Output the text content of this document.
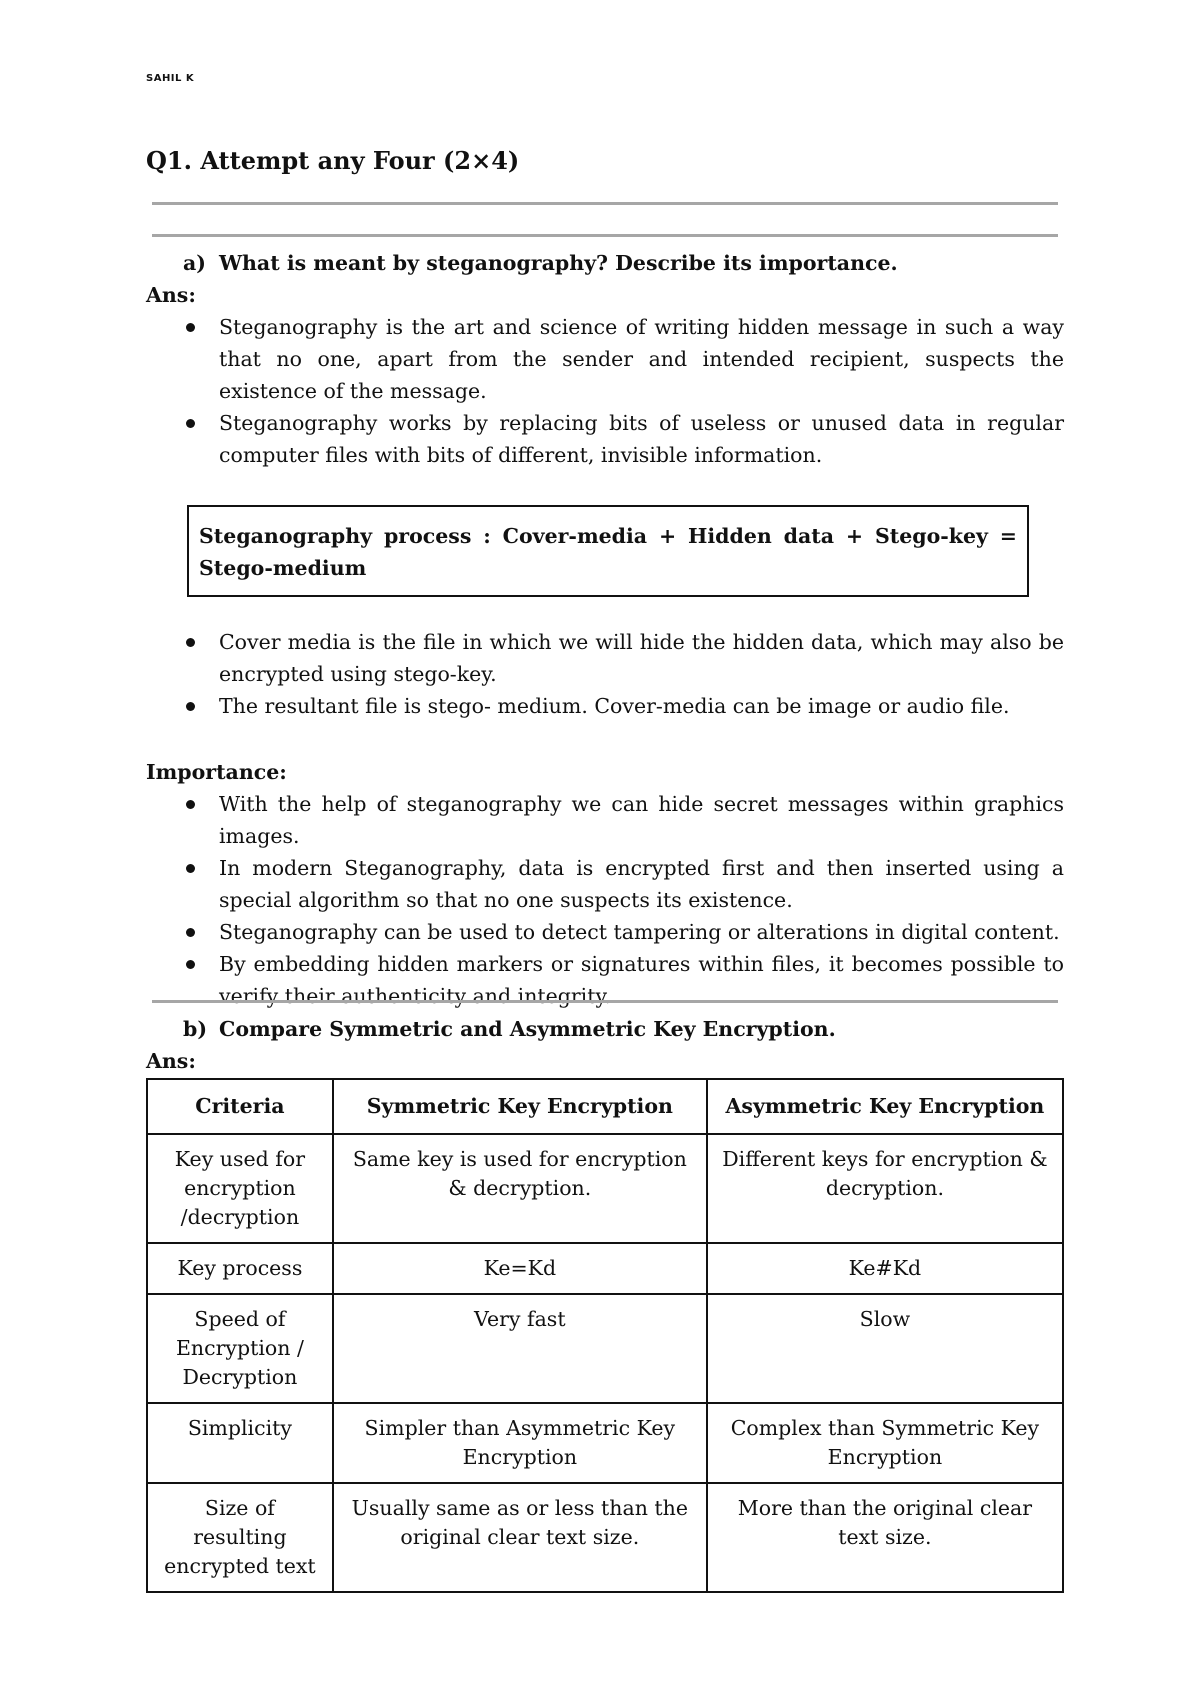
SAHIL K
Q1. Attempt any Four (2×4)

a) What is meant by steganography? Describe its importance.

Ans:

Steganography is the art and science of writing hidden message in such a way that no one, apart from the sender and intended recipient, suspects the existence of the message.
Steganography works by replacing bits of useless or unused data in regular computer files with bits of different, invisible information.
Steganography process : Cover-media + Hidden data + Stego-key = Stego-medium
Cover media is the file in which we will hide the hidden data, which may also be encrypted using stego-key.
The resultant file is stego- medium. Cover-media can be image or audio file.

Importance:

With the help of steganography we can hide secret messages within graphics images.
In modern Steganography, data is encrypted first and then inserted using a special algorithm so that no one suspects its existence.
Steganography can be used to detect tampering or alterations in digital content.
By embedding hidden markers or signatures within files, it becomes possible to verify their authenticity and integrity.

b) Compare Symmetric and Asymmetric Key Encryption.

Ans:

Criteria	Symmetric Key Encryption	Asymmetric Key Encryption
Key used for encryption /decryption	Same key is used for encryption & decryption.	Different keys for encryption & decryption.
Key process	Ke=Kd	Ke#Kd
Speed of Encryption / Decryption	Very fast	Slow
Simplicity	Simpler than Asymmetric Key Encryption	Complex than Symmetric Key Encryption
Size of resulting encrypted text	Usually same as or less than the original clear text size.	More than the original clear text size.
